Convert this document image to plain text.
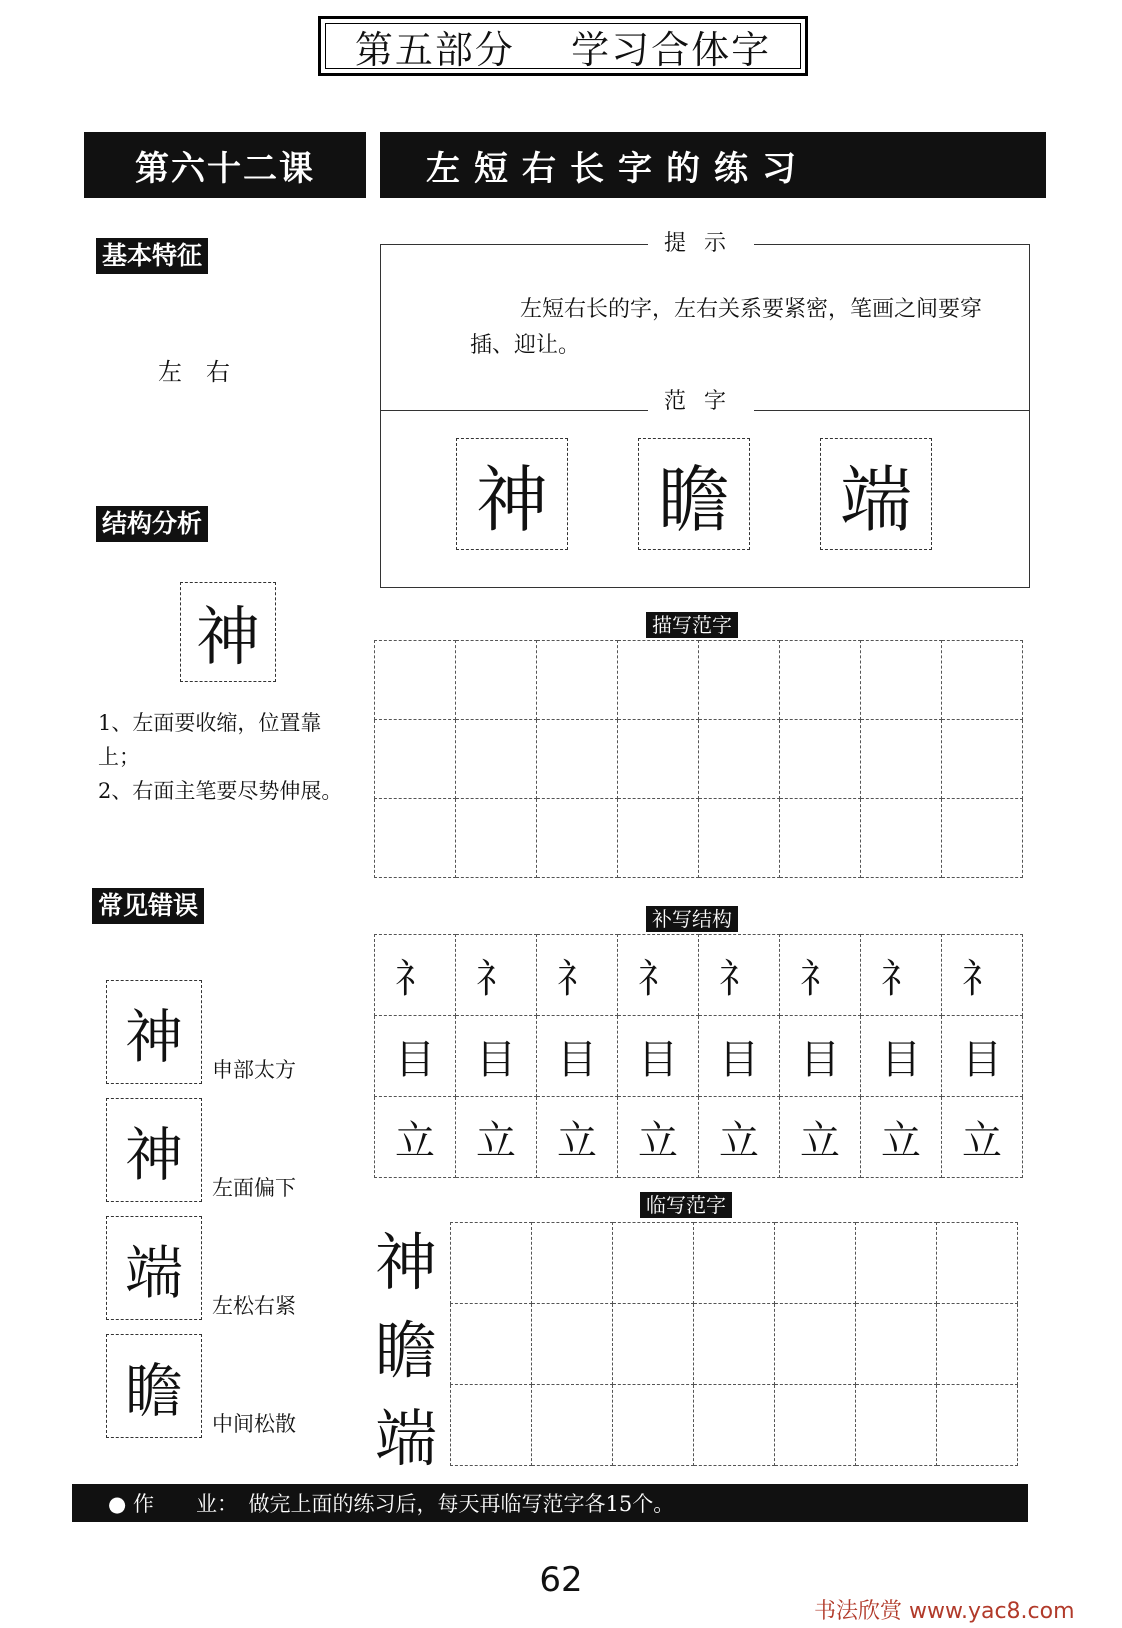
第五部分    学习合体字
第六十二课	左短右长字的练习
基本特征
左　右
结构分析
神
1、左面要收缩，位置靠上；
2、右面主笔要尽势伸展。
常见错误
神	申部太方
神	左面偏下
端	左松右紧
瞻	中间松散
提示
左短右长的字，左右关系要紧密，笔画之间要穿插、迎让。
范字
神 瞻 端
描写范字

补写结构
礻	礻	礻	礻	礻	礻	礻	礻
目	目	目	目	目	目	目	目
立	立	立	立	立	立	立	立
临写范字
神
瞻
端

● 作　　业：　做完上面的练习后，每天再临写范字各15个。
62
书法欣赏 www.yac8.com
